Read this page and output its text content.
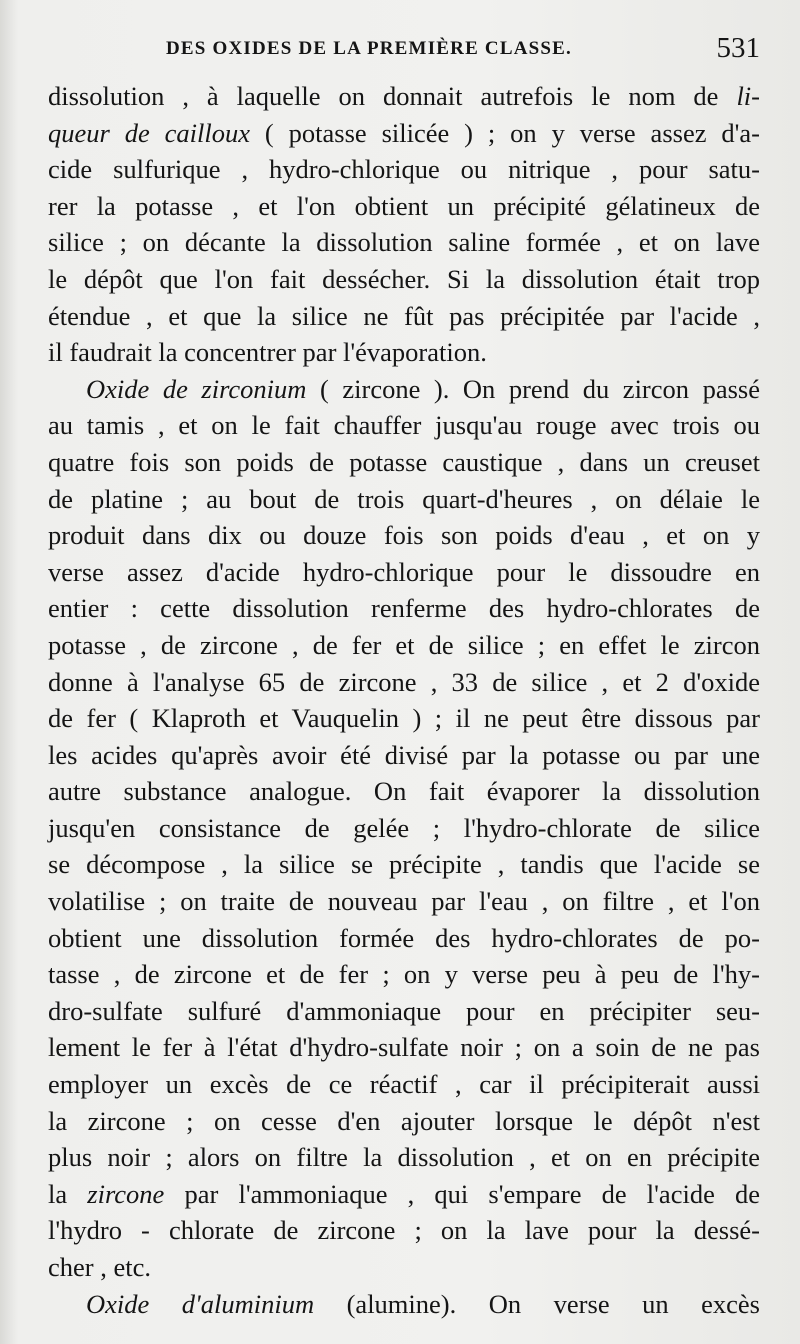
DES OXIDES DE LA PREMIÈRE CLASSE.	531
dissolution , à laquelle on donnait autrefois le nom de li-
queur de cailloux ( potasse silicée ) ; on y verse assez d'a-
cide sulfurique , hydro-chlorique ou nitrique , pour satu-
rer la potasse , et l'on obtient un précipité gélatineux de
silice ; on décante la dissolution saline formée , et on lave
le dépôt que l'on fait dessécher. Si la dissolution était trop
étendue , et que la silice ne fût pas précipitée par l'acide ,
il faudrait la concentrer par l'évaporation.
Oxide de zirconium ( zircone ). On prend du zircon passé
au tamis , et on le fait chauffer jusqu'au rouge avec trois ou
quatre fois son poids de potasse caustique , dans un creuset
de platine ; au bout de trois quart-d'heures , on délaie le
produit dans dix ou douze fois son poids d'eau , et on y
verse assez d'acide hydro-chlorique pour le dissoudre en
entier : cette dissolution renferme des hydro-chlorates de
potasse , de zircone , de fer et de silice ; en effet le zircon
donne à l'analyse 65 de zircone , 33 de silice , et 2 d'oxide
de fer ( Klaproth et Vauquelin ) ; il ne peut être dissous par
les acides qu'après avoir été divisé par la potasse ou par une
autre substance analogue. On fait évaporer la dissolution
jusqu'en consistance de gelée ; l'hydro-chlorate de silice
se décompose , la silice se précipite , tandis que l'acide se
volatilise ; on traite de nouveau par l'eau , on filtre , et l'on
obtient une dissolution formée des hydro-chlorates de po-
tasse , de zircone et de fer ; on y verse peu à peu de l'hy-
dro-sulfate sulfuré d'ammoniaque pour en précipiter seu-
lement le fer à l'état d'hydro-sulfate noir ; on a soin de ne pas
employer un excès de ce réactif , car il précipiterait aussi
la zircone ; on cesse d'en ajouter lorsque le dépôt n'est
plus noir ; alors on filtre la dissolution , et on en précipite
la zircone par l'ammoniaque , qui s'empare de l'acide de
l'hydro - chlorate de zircone ; on la lave pour la dessé-
cher , etc.
Oxide d'aluminium (alumine). On verse un excès
